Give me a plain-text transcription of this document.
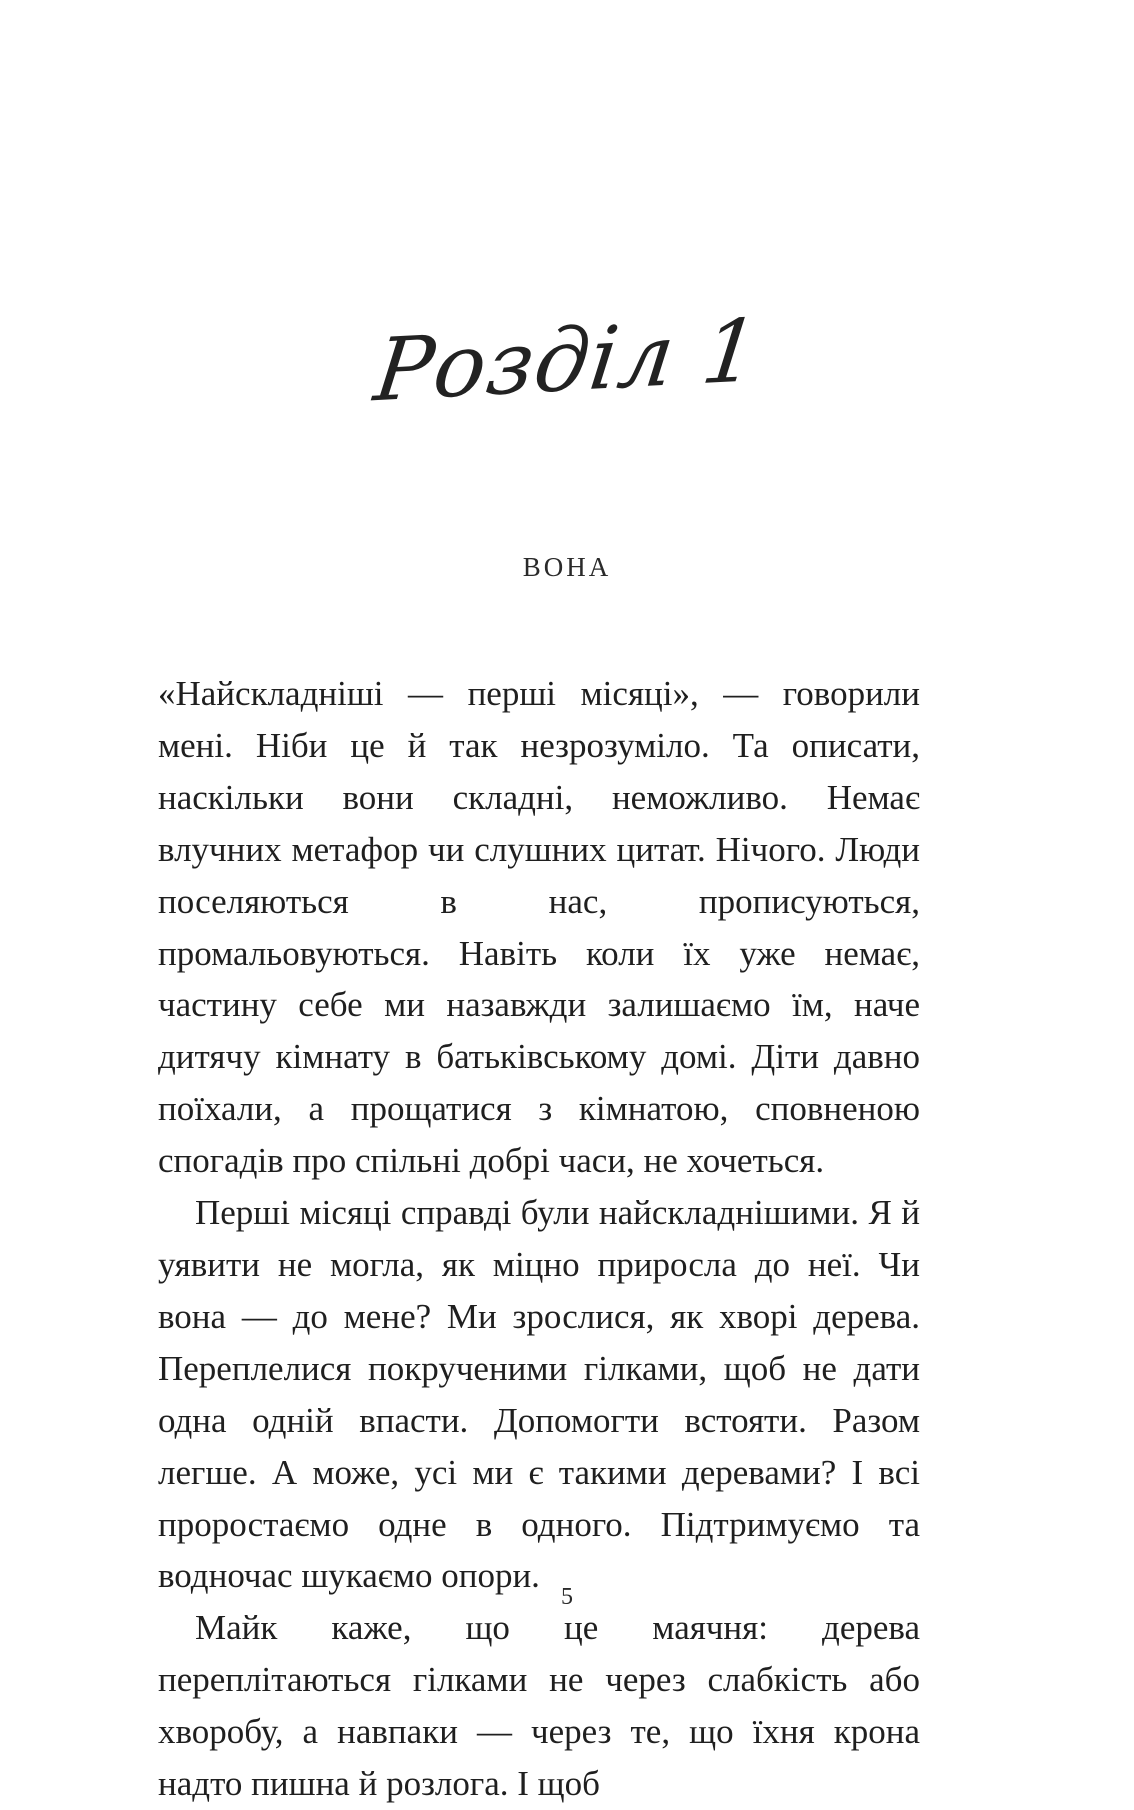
Розділ 1
ВОНА

«Найскладніші — перші місяці», — говорили мені. Ніби це й так незрозуміло. Та описати, наскільки вони складні, неможливо. Немає влучних метафор чи слушних цитат. Нічого. Люди поселяються в нас, прописуються, промальовуються. Навіть коли їх уже немає, частину себе ми назавжди залишаємо їм, наче дитячу кімнату в батьківському домі. Діти давно поїхали, а прощатися з кімнатою, сповненою спогадів про спільні добрі часи, не хочеться.

Перші місяці справді були найскладнішими. Я й уявити не могла, як міцно приросла до неї. Чи вона — до мене? Ми зрослися, як хворі дерева. Переплелися покрученими гілками, щоб не дати одна одній впасти. Допомогти встояти. Разом легше. А може, усі ми є такими деревами? І всі проростаємо одне в одного. Підтримуємо та водночас шукаємо опори.

Майк каже, що це маячня: дерева переплітаються гілками не через слабкість або хворобу, а навпаки — через те, що їхня крона надто пишна й розлога. І щоб

5
